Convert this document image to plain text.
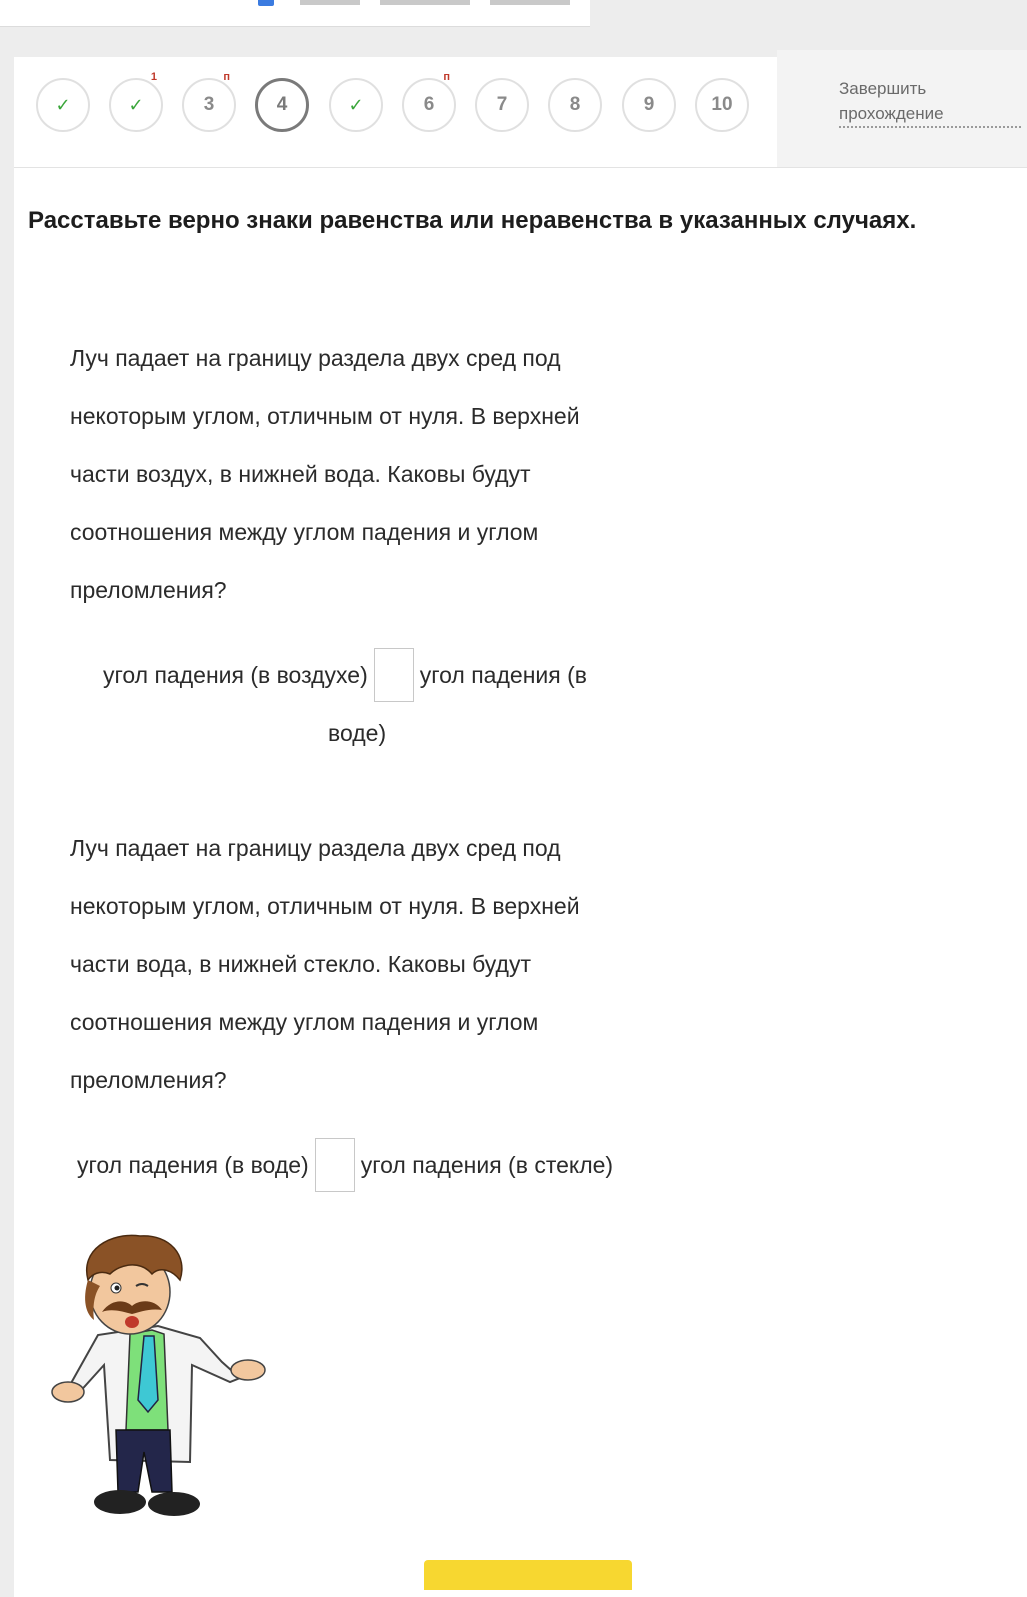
✓	✓
1
3
п
4	✓	6
п
7	8	9	10
Завершить прохождение
Расставьте верно знаки равенства или неравенства в указанных случаях.
Луч падает на границу раздела двух сред под
некоторым углом, отличным от нуля. В верхней
части воздух, в нижней вода. Каковы будут
соотношения между углом падения и углом
преломления?
угол падения (в воздухе) угол падения (в
воде)
Луч падает на границу раздела двух сред под
некоторым углом, отличным от нуля. В верхней
части вода, в нижней стекло. Каковы будут
соотношения между углом падения и углом
преломления?
угол падения (в воде) угол падения (в стекле)
